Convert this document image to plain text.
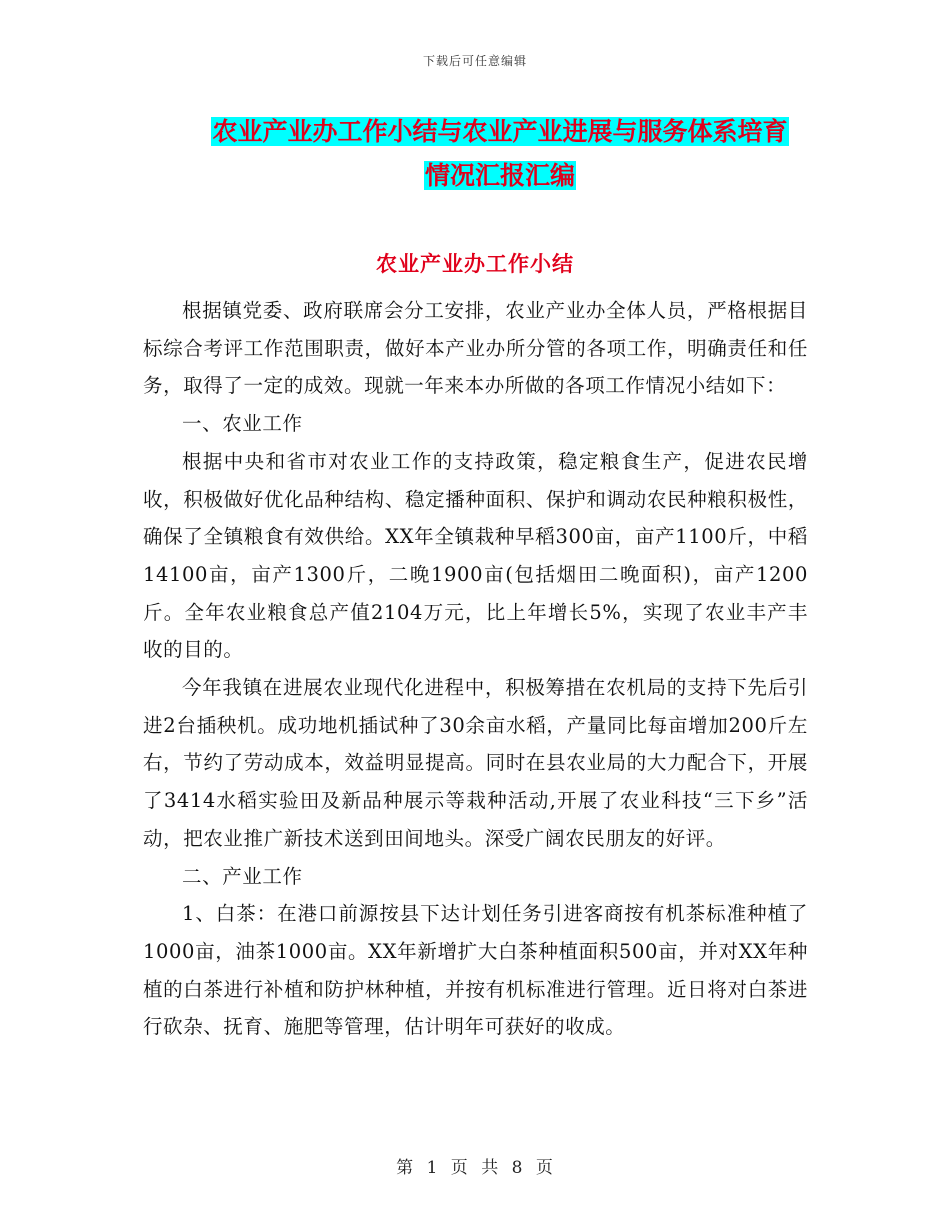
下载后可任意编辑
农业产业办工作小结与农业产业进展与服务体系培育
情况汇报汇编
农业产业办工作小结

根据镇党委、政府联席会分工安排，农业产业办全体人员，严格根据目标综合考评工作范围职责，做好本产业办所分管的各项工作，明确责任和任务，取得了一定的成效。现就一年来本办所做的各项工作情况小结如下：

一、农业工作

根据中央和省市对农业工作的支持政策，稳定粮食生产，促进农民增收，积极做好优化品种结构、稳定播种面积、保护和调动农民种粮积极性，确保了全镇粮食有效供给。XX年全镇栽种早稻300亩，亩产1100斤，中稻14100亩，亩产1300斤，二晚1900亩(包括烟田二晚面积)，亩产1200斤。全年农业粮食总产值2104万元，比上年增长5%，实现了农业丰产丰收的目的。

今年我镇在进展农业现代化进程中，积极筹措在农机局的支持下先后引进2台插秧机。成功地机插试种了30余亩水稻，产量同比每亩增加200斤左右，节约了劳动成本，效益明显提高。同时在县农业局的大力配合下，开展了3414水稻实验田及新品种展示等栽种活动,开展了农业科技“三下乡”活动，把农业推广新技术送到田间地头。深受广阔农民朋友的好评。

二、产业工作

1、白茶：在港口前源按县下达计划任务引进客商按有机茶标准种植了1000亩，油茶1000亩。XX年新增扩大白茶种植面积500亩，并对XX年种植的白茶进行补植和防护林种植，并按有机标准进行管理。近日将对白茶进行砍杂、抚育、施肥等管理，估计明年可获好的收成。

第 1 页 共 8 页
